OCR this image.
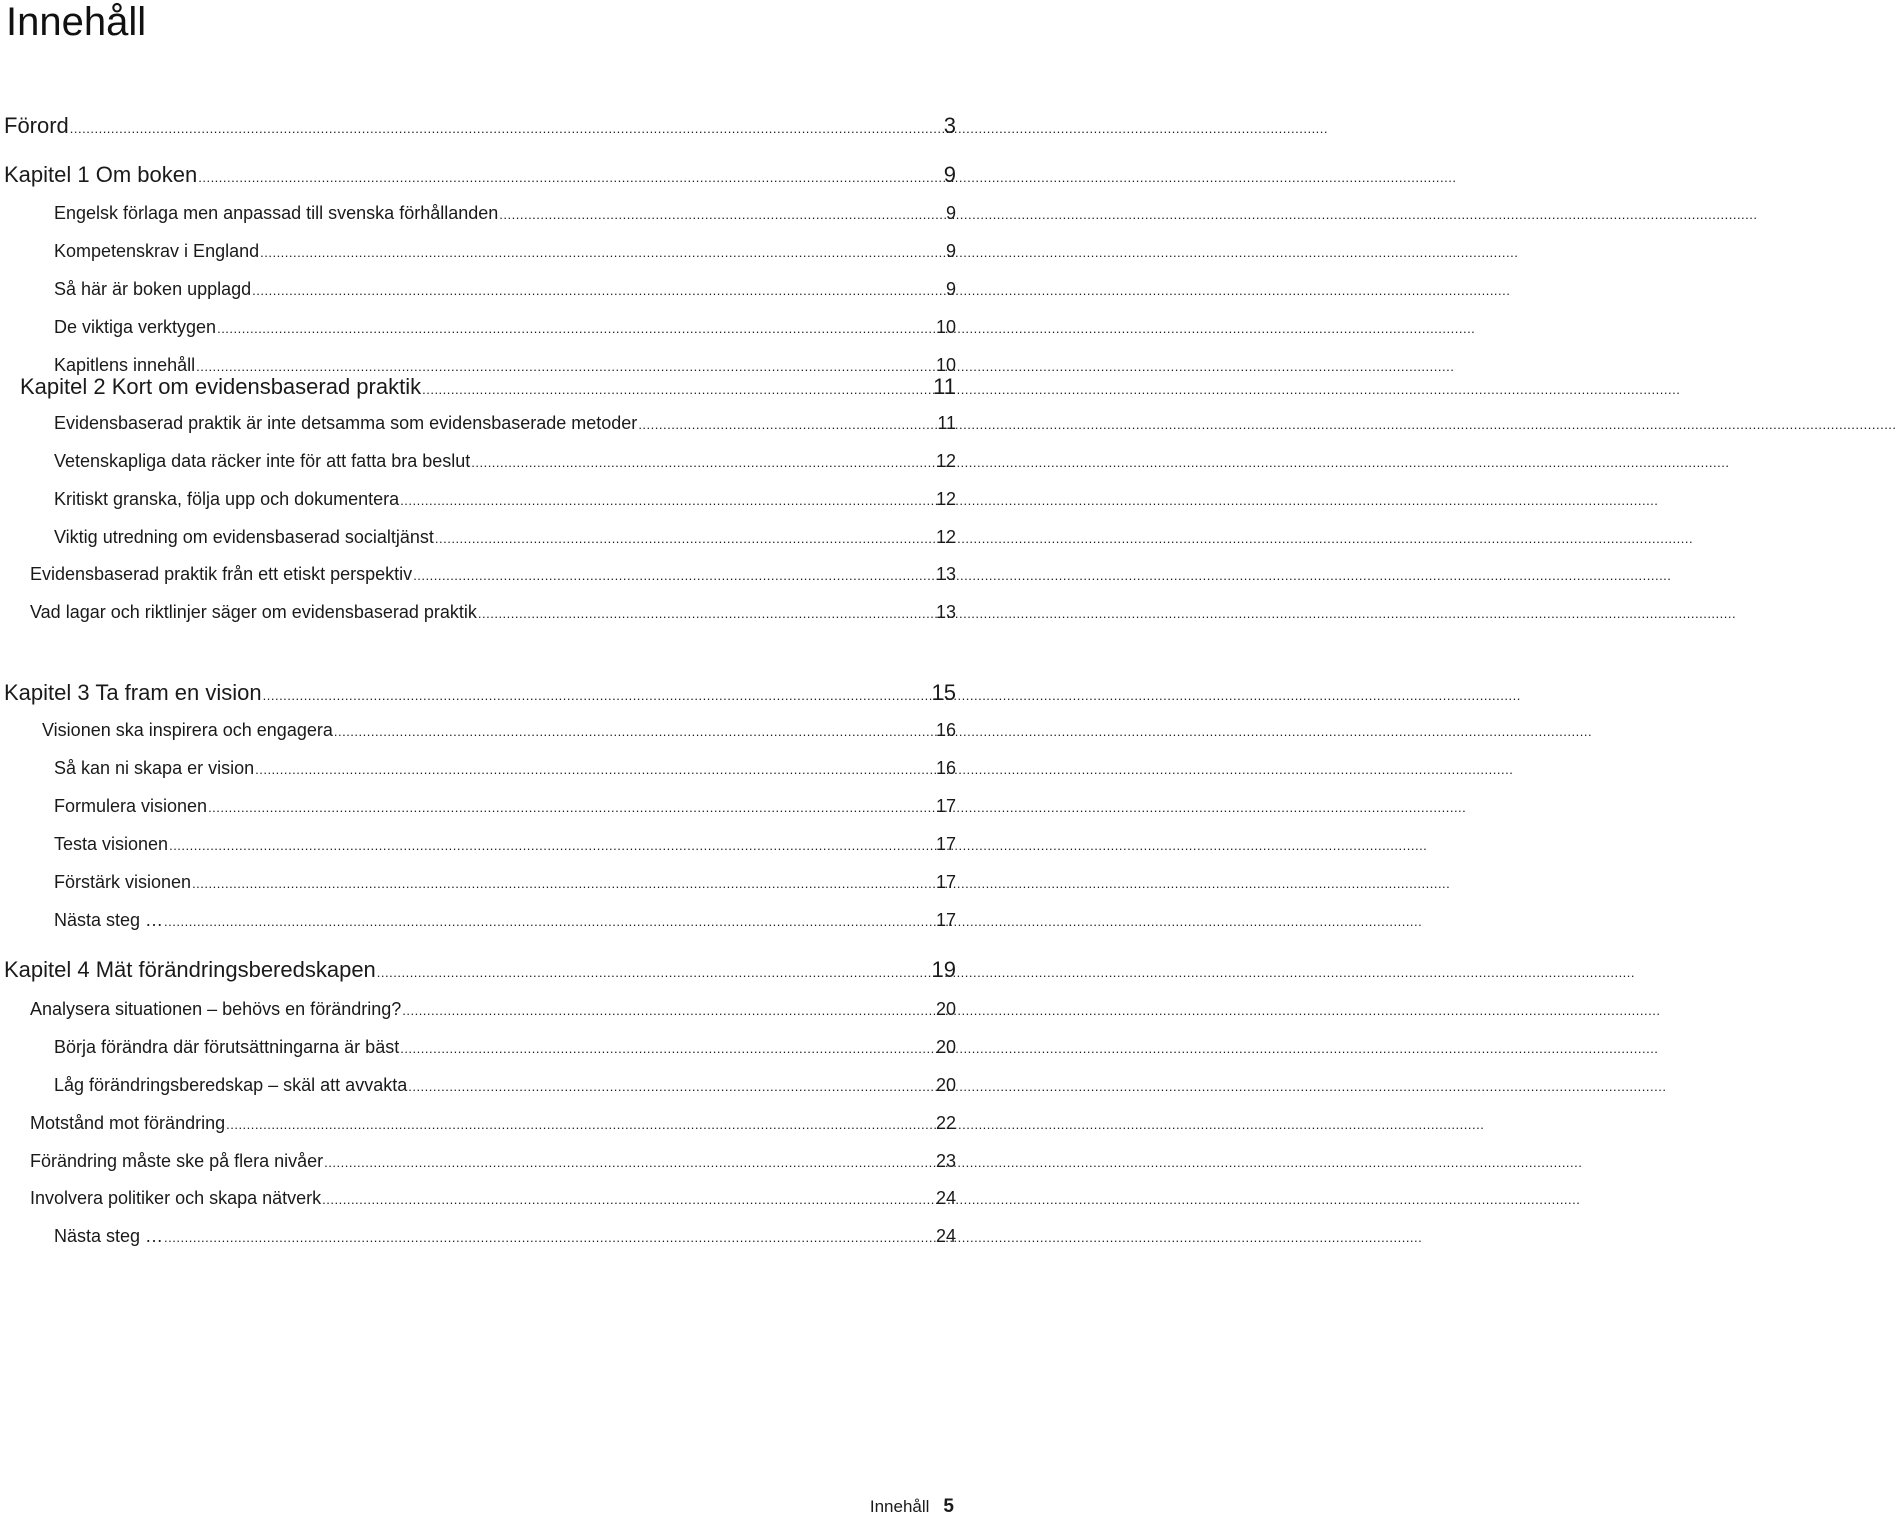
Innehåll
Förord .....	3
Kapitel 1 Om boken .....	9
Engelsk förlaga men anpassad till svenska förhållanden .....	9
Kompetenskrav i England .....	9
Så här är boken upplagd .....	9
De viktiga verktygen .....	10
Kapitlens innehåll .....	10
Kapitel 2 Kort om evidensbaserad praktik .....	11
Evidensbaserad praktik är inte detsamma som evidensbaserade metoder .....	11
Vetenskapliga data räcker inte för att fatta bra beslut .....	12
Kritiskt granska, följa upp och dokumentera .....	12
Viktig utredning om evidensbaserad socialtjänst .....	12
Evidensbaserad praktik från ett etiskt perspektiv .....	13
Vad lagar och riktlinjer säger om evidensbaserad praktik .....	13
Kapitel 3 Ta fram en vision .....	15
Visionen ska inspirera och engagera .....	16
Så kan ni skapa er vision .....	16
Formulera visionen .....	17
Testa visionen .....	17
Förstärk visionen .....	17
Nästa steg … .....	17
Kapitel 4 Mät förändringsberedskapen .....	19
Analysera situationen – behövs en förändring? .....	20
Börja förändra där förutsättningarna är bäst .....	20
Låg förändringsberedskap – skäl att avvakta .....	20
Motstånd mot förändring .....	22
Förändring måste ske på flera nivåer .....	23
Involvera politiker och skapa nätverk .....	24
Nästa steg … .....	24
Innehåll 5
